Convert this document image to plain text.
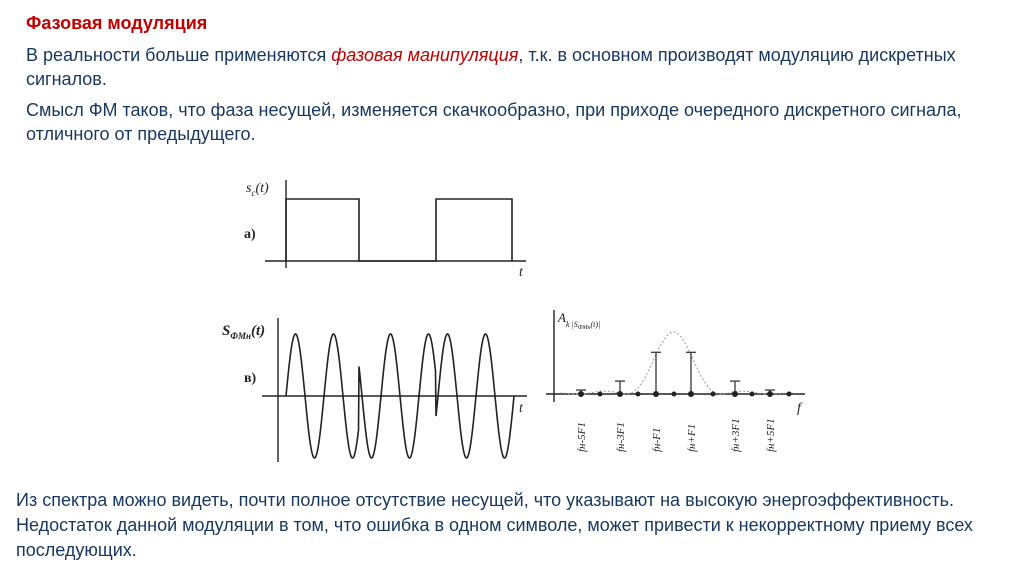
Фазовая модуляция
В реальности больше применяются фазовая манипуляция, т.к. в основном производят модуляцию дискретных сигналов.
Смысл ФМ таков, что фаза несущей, изменяется скачкообразно, при приходе очередного дискретного сигнала, отличного от предыдущего.
$s_c(t)$
а)
t
$S_{ФМн}(t)$
в)
t
fн-5F1 fн-3F1 fн-F1 fн+F1	fн+3F1 fн+5F1
$A_{k |S}ФМн(t)|$
f
Из спектра можно видеть, почти полное отсутствие несущей, что указывают на высокую энергоэффективность. Недостаток данной модуляции в том, что ошибка в одном символе, может привести к некорректному приему всех последующих.
